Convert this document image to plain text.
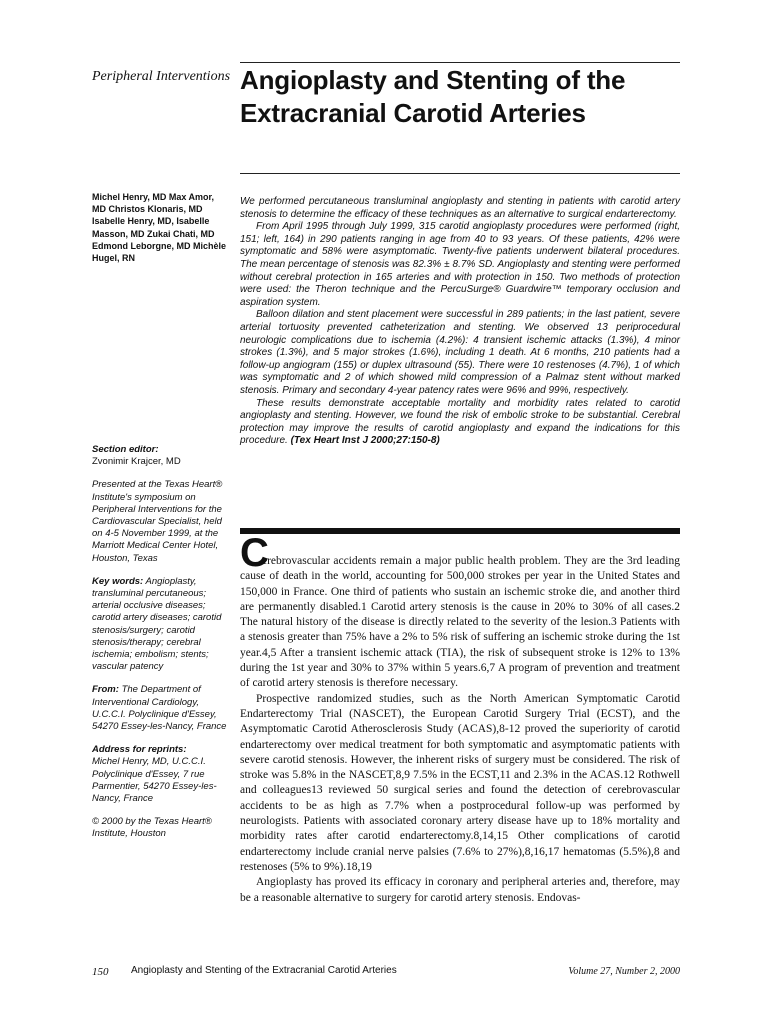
Peripheral Interventions Angioplasty and Stenting of the Extracranial Carotid Arteries
Michel Henry, MD Max Amor, MD Christos Klonaris, MD Isabelle Henry, MD, Isabelle Masson, MD Zukai Chati, MD Edmond Leborgne, MD Michèle Hugel, RN

We performed percutaneous transluminal angioplasty and stenting in patients with carotid artery stenosis to determine the efficacy of these techniques as an alternative to surgical endarterectomy.

From April 1995 through July 1999, 315 carotid angioplasty procedures were performed (right, 151; left, 164) in 290 patients ranging in age from 40 to 93 years. Of these patients, 42% were symptomatic and 58% were asymptomatic. Twenty-five patients underwent bilateral procedures. The mean percentage of stenosis was 82.3% ± 8.7% SD. Angioplasty and stenting were performed without cerebral protection in 165 arteries and with protection in 150. Two methods of protection were used: the Theron technique and the PercuSurge® Guardwire™ temporary occlusion and aspiration system.

Balloon dilation and stent placement were successful in 289 patients; in the last patient, severe arterial tortuosity prevented catheterization and stenting. We observed 13 periprocedural neurologic complications due to ischemia (4.2%): 4 transient ischemic attacks (1.3%), 4 minor strokes (1.3%), and 5 major strokes (1.6%), including 1 death. At 6 months, 210 patients had a follow-up angiogram (155) or duplex ultrasound (55). There were 10 restenoses (4.7%), 1 of which was symptomatic and 2 of which showed mild compression of a Palmaz stent without marked stenosis. Primary and secondary 4-year patency rates were 96% and 99%, respectively.

These results demonstrate acceptable mortality and morbidity rates related to carotid angioplasty and stenting. However, we found the risk of embolic stroke to be substantial. Cerebral protection may improve the results of carotid angioplasty and expand the indications for this procedure. (Tex Heart Inst J 2000;27:150-8)

Section editor:
Zvonimir Krajcer, MD
Presented at the Texas Heart® Institute's symposium on Peripheral Interventions for the Cardiovascular Specialist, held on 4-5 November 1999, at the Marriott Medical Center Hotel, Houston, Texas
Key words: Angioplasty, transluminal percutaneous; arterial occlusive diseases; carotid artery diseases; carotid stenosis/surgery; carotid stenosis/therapy; cerebral ischemia; embolism; stents; vascular patency
From: The Department of Interventional Cardiology, U.C.C.I. Polyclinique d'Essey, 54270 Essey-les-Nancy, France
Address for reprints:
Michel Henry, MD, U.C.C.I. Polyclinique d'Essey, 7 rue Parmentier, 54270 Essey-les-Nancy, France
© 2000 by the Texas Heart® Institute, Houston
C

erebrovascular accidents remain a major public health problem. They are the 3rd leading cause of death in the world, accounting for 500,000 strokes per year in the United States and 150,000 in France. One third of patients who sustain an ischemic stroke die, and another third are permanently disabled.1 Carotid artery stenosis is the cause in 20% to 30% of all cases.2 The natural history of the disease is directly related to the severity of the lesion.3 Patients with a stenosis greater than 75% have a 2% to 5% risk of suffering an ischemic stroke during the 1st year.4,5 After a transient ischemic attack (TIA), the risk of subsequent stroke is 12% to 13% during the 1st year and 30% to 37% within 5 years.6,7 A program of prevention and treatment of carotid artery stenosis is therefore necessary.

Prospective randomized studies, such as the North American Symptomatic Carotid Endarterectomy Trial (NASCET), the European Carotid Surgery Trial (ECST), and the Asymptomatic Carotid Atherosclerosis Study (ACAS),8-12 proved the superiority of carotid endarterectomy over medical treatment for both symptomatic and asymptomatic patients with severe carotid stenosis. However, the inherent risks of surgery must be considered. The risk of stroke was 5.8% in the NASCET,8,9 7.5% in the ECST,11 and 2.3% in the ACAS.12 Rothwell and colleagues13 reviewed 50 surgical series and found the detection of cerebrovascular accidents to be as high as 7.7% when a postprocedural follow-up was performed by neurologists. Patients with associated coronary artery disease have up to 18% mortality and morbidity rates after carotid endarterectomy.8,14,15 Other complications of carotid endarterectomy include cranial nerve palsies (7.6% to 27%),8,16,17 hematomas (5.5%),8 and restenoses (5% to 9%).18,19

Angioplasty has proved its efficacy in coronary and peripheral arteries and, therefore, may be a reasonable alternative to surgery for carotid artery stenosis. Endovas-

150 Angioplasty and Stenting of the Extracranial Carotid Arteries	Volume 27, Number 2, 2000
